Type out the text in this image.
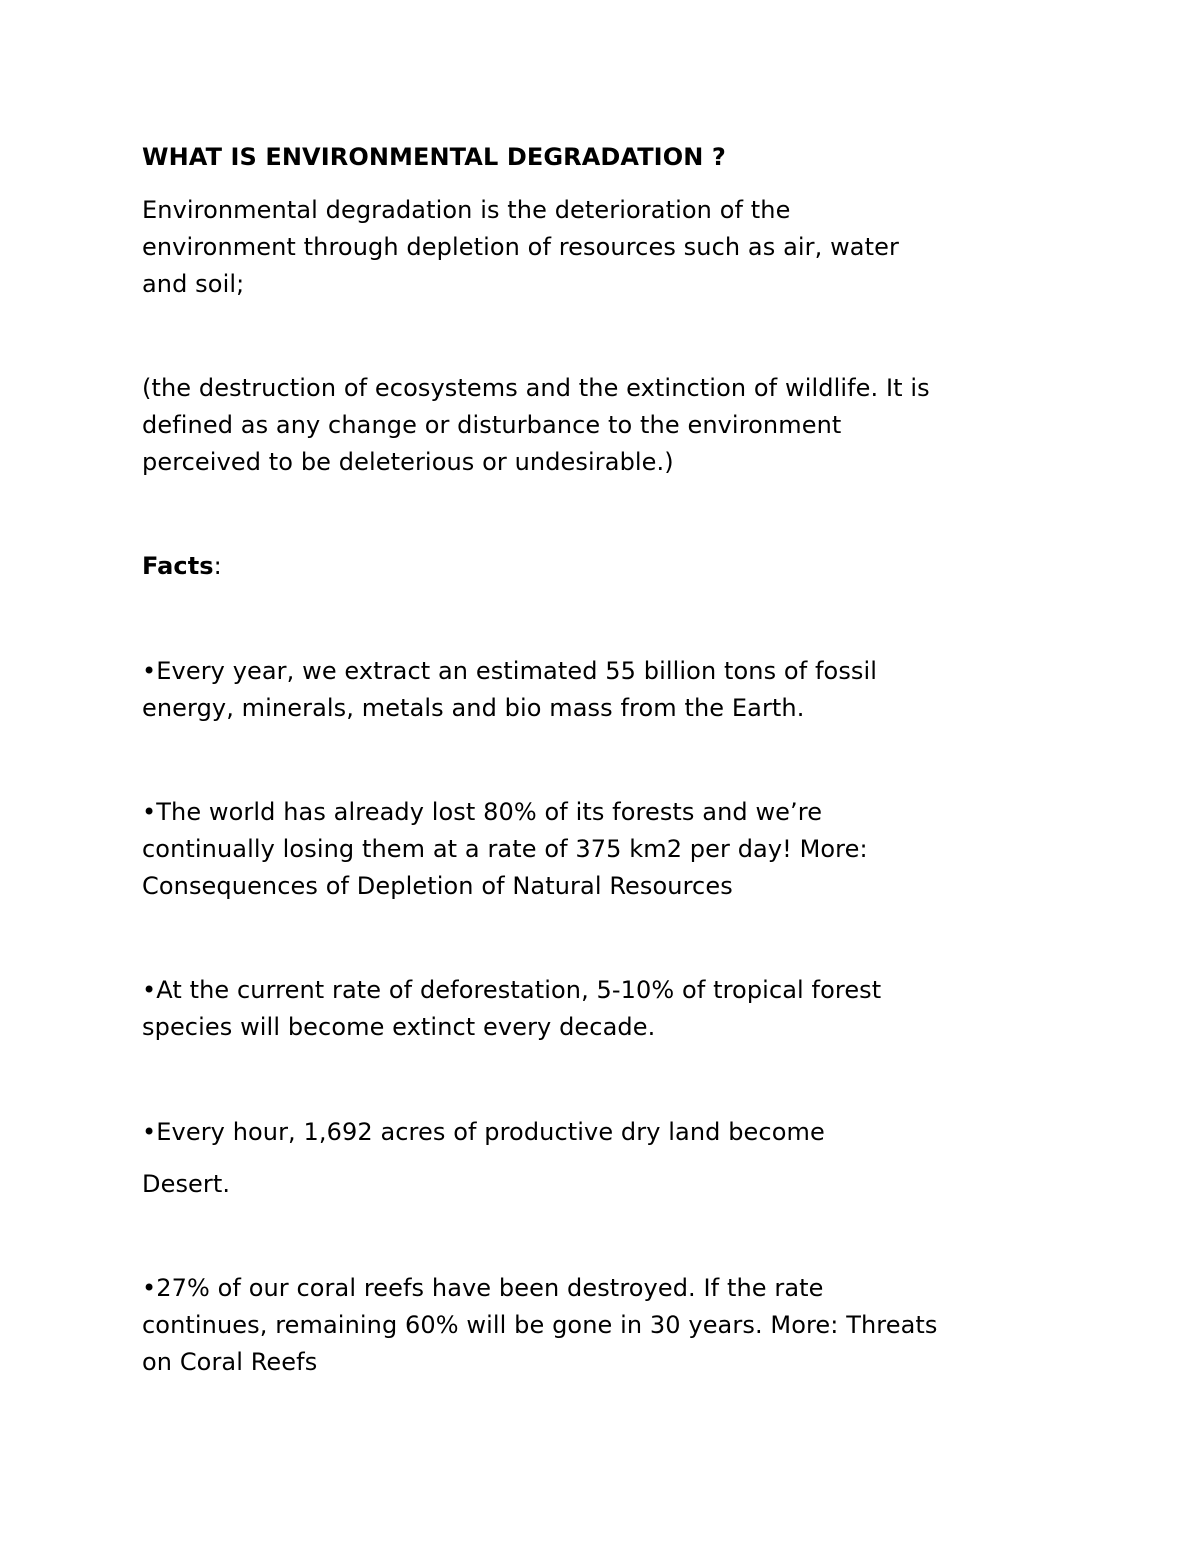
WHAT IS ENVIRONMENTAL DEGRADATION ?

Environmental degradation is the deterioration of the

environment through depletion of resources such as air, water

and soil;

(the destruction of ecosystems and the extinction of wildlife. It is

defined as any change or disturbance to the environment

perceived to be deleterious or undesirable.)

Facts:

•Every year, we extract an estimated 55 billion tons of fossil

energy, minerals, metals and bio mass from the Earth.

•The world has already lost 80% of its forests and we’re

continually losing them at a rate of 375 km2 per day! More:

Consequences of Depletion of Natural Resources

•At the current rate of deforestation, 5-10% of tropical forest

species will become extinct every decade.

•Every hour, 1,692 acres of productive dry land become

Desert.

•27% of our coral reefs have been destroyed. If the rate

continues, remaining 60% will be gone in 30 years. More: Threats

on Coral Reefs
